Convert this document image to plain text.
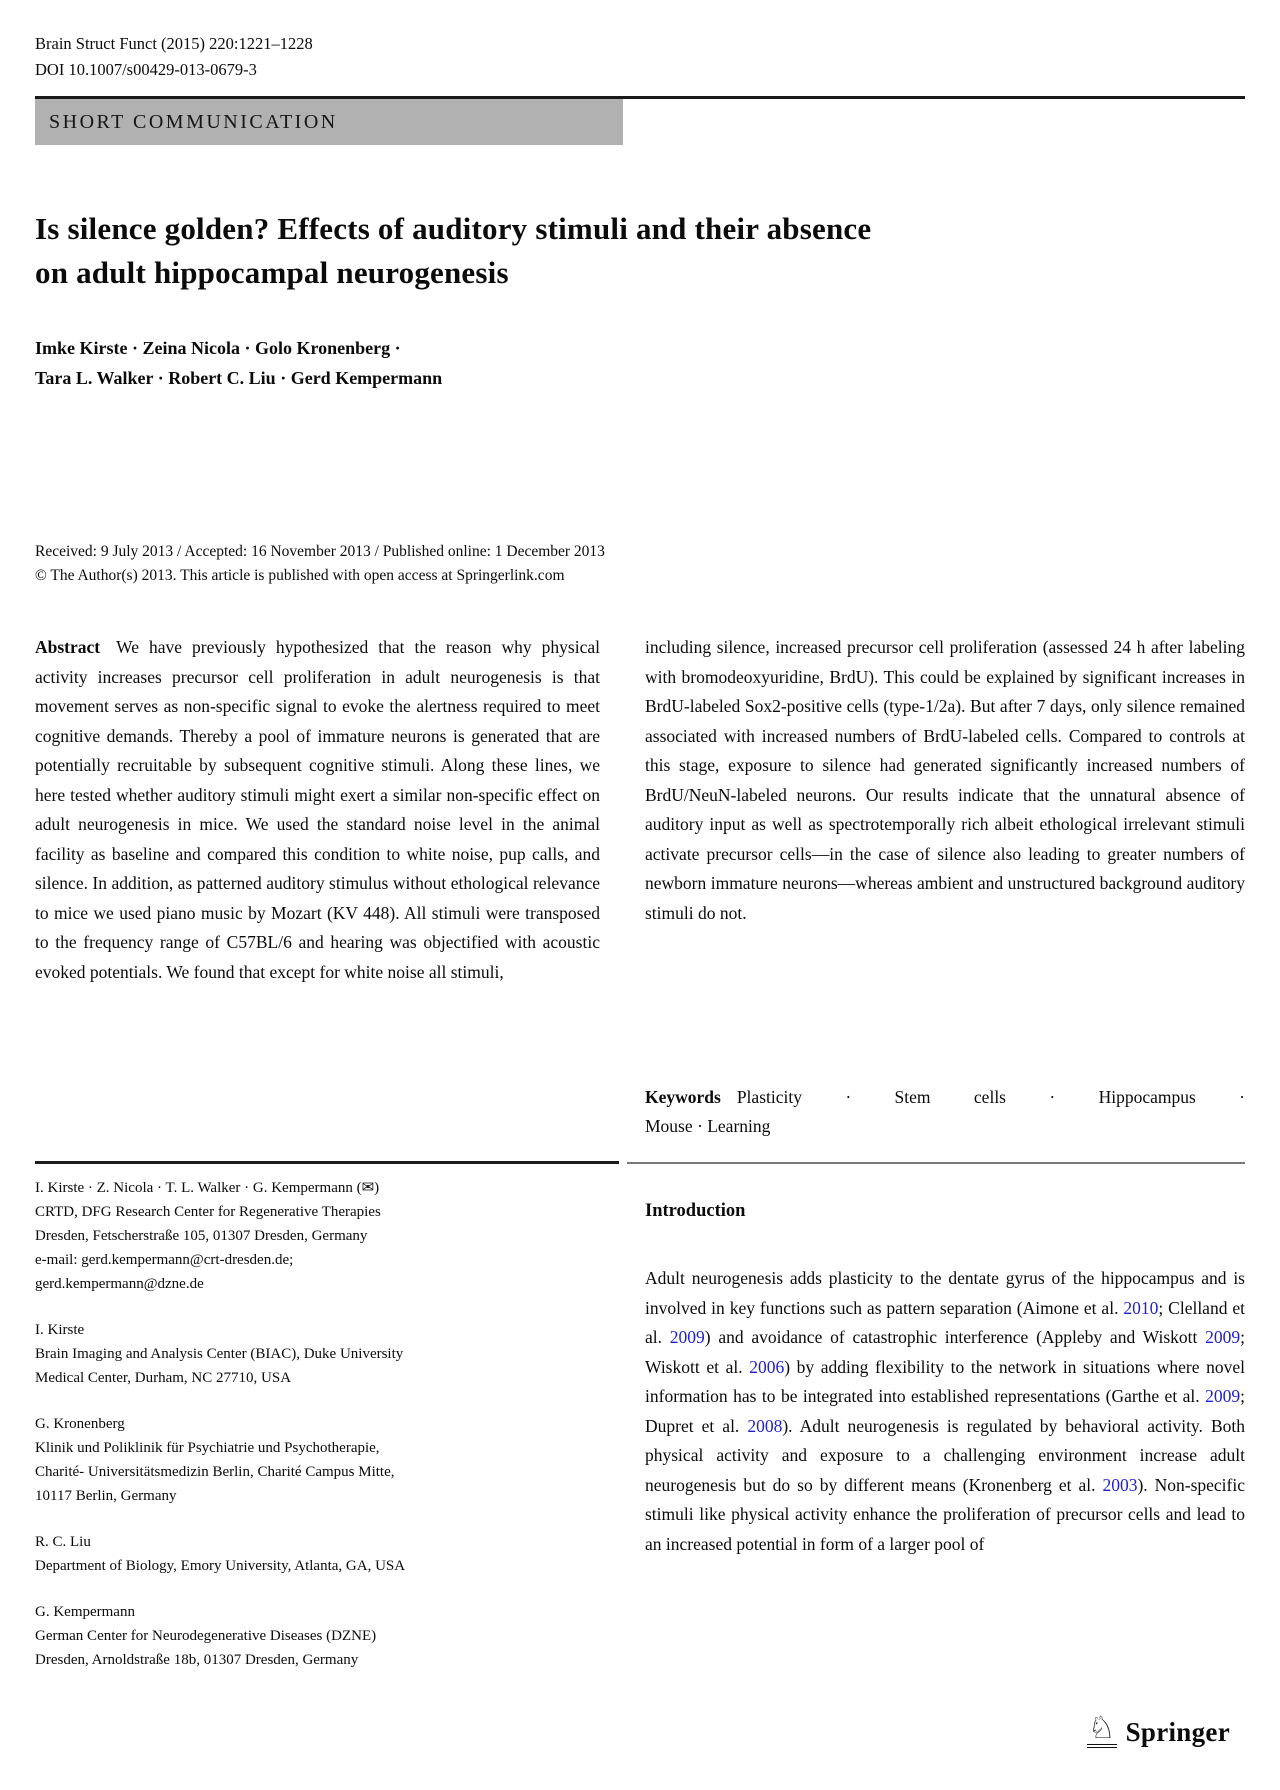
Brain Struct Funct (2015) 220:1221–1228
DOI 10.1007/s00429-013-0679-3
SHORT COMMUNICATION
Is silence golden? Effects of auditory stimuli and their absence
on adult hippocampal neurogenesis
Imke Kirste · Zeina Nicola · Golo Kronenberg ·
Tara L. Walker · Robert C. Liu · Gerd Kempermann
Received: 9 July 2013 / Accepted: 16 November 2013 / Published online: 1 December 2013
© The Author(s) 2013. This article is published with open access at Springerlink.com
Abstract We have previously hypothesized that the reason why physical activity increases precursor cell proliferation in adult neurogenesis is that movement serves as non-specific signal to evoke the alertness required to meet cognitive demands. Thereby a pool of immature neurons is generated that are potentially recruitable by subsequent cognitive stimuli. Along these lines, we here tested whether auditory stimuli might exert a similar non-specific effect on adult neurogenesis in mice. We used the standard noise level in the animal facility as baseline and compared this condition to white noise, pup calls, and silence. In addition, as patterned auditory stimulus without ethological relevance to mice we used piano music by Mozart (KV 448). All stimuli were transposed to the frequency range of C57BL/6 and hearing was objectified with acoustic evoked potentials. We found that except for white noise all stimuli,
including silence, increased precursor cell proliferation (assessed 24 h after labeling with bromodeoxyuridine, BrdU). This could be explained by significant increases in BrdU-labeled Sox2-positive cells (type-1/2a). But after 7 days, only silence remained associated with increased numbers of BrdU-labeled cells. Compared to controls at this stage, exposure to silence had generated significantly increased numbers of BrdU/NeuN-labeled neurons. Our results indicate that the unnatural absence of auditory input as well as spectrotemporally rich albeit ethological irrelevant stimuli activate precursor cells—in the case of silence also leading to greater numbers of newborn immature neurons—whereas ambient and unstructured background auditory stimuli do not.
Keywords Plasticity · Stem cells · Hippocampus ·
Mouse · Learning
I. Kirste · Z. Nicola · T. L. Walker · G. Kempermann (✉)
CRTD, DFG Research Center for Regenerative Therapies
Dresden, Fetscherstraße 105, 01307 Dresden, Germany
e-mail: gerd.kempermann@crt-dresden.de;
gerd.kempermann@dzne.de
I. Kirste
Brain Imaging and Analysis Center (BIAC), Duke University
Medical Center, Durham, NC 27710, USA
G. Kronenberg
Klinik und Poliklinik für Psychiatrie und Psychotherapie,
Charité- Universitätsmedizin Berlin, Charité Campus Mitte,
10117 Berlin, Germany
R. C. Liu
Department of Biology, Emory University, Atlanta, GA, USA
G. Kempermann
German Center for Neurodegenerative Diseases (DZNE)
Dresden, Arnoldstraße 18b, 01307 Dresden, Germany
Introduction
Adult neurogenesis adds plasticity to the dentate gyrus of the hippocampus and is involved in key functions such as pattern separation (Aimone et al. 2010; Clelland et al. 2009) and avoidance of catastrophic interference (Appleby and Wiskott 2009; Wiskott et al. 2006) by adding flexibility to the network in situations where novel information has to be integrated into established representations (Garthe et al. 2009; Dupret et al. 2008). Adult neurogenesis is regulated by behavioral activity. Both physical activity and exposure to a challenging environment increase adult neurogenesis but do so by different means (Kronenberg et al. 2003). Non-specific stimuli like physical activity enhance the proliferation of precursor cells and lead to an increased potential in form of a larger pool of
♘ Springer
